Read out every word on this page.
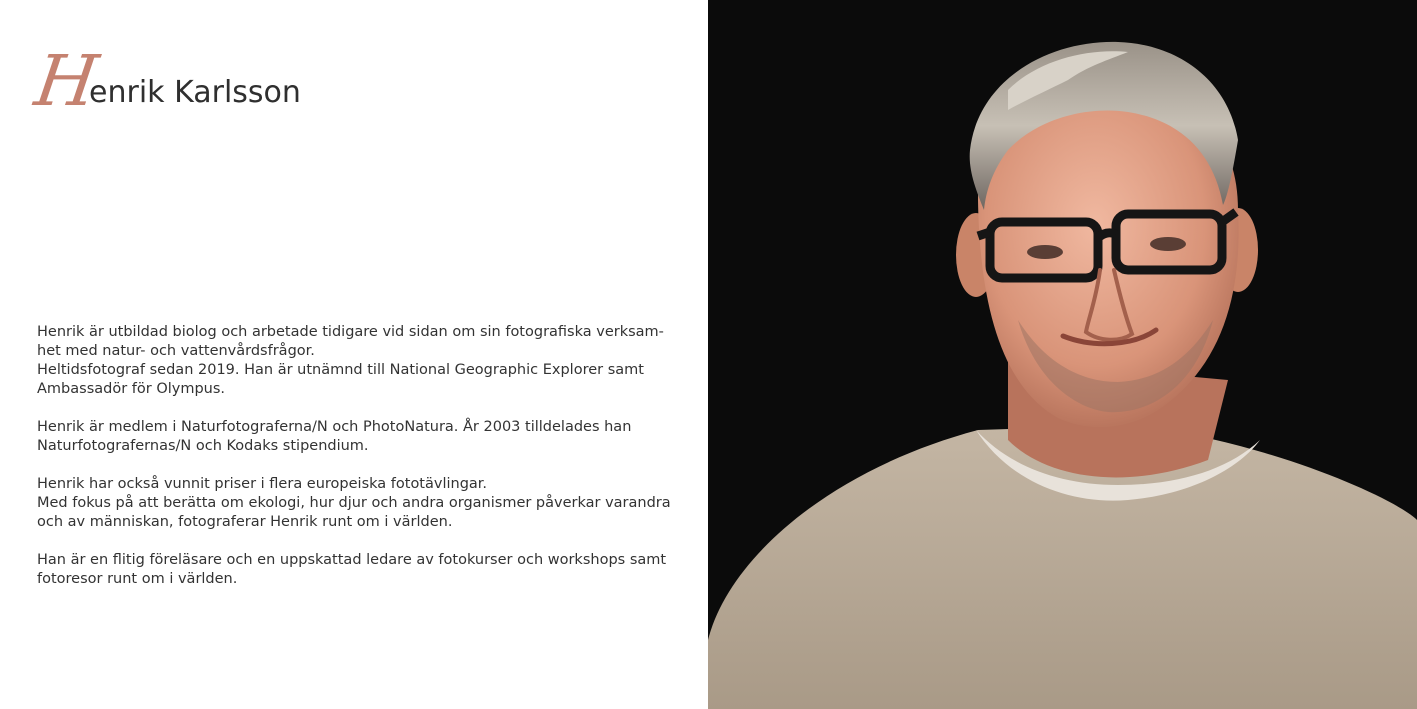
H
enrik Karlsson

Henrik är utbildad biolog och arbetade tidigare vid sidan om sin fotografiska verksam-
het med natur- och vattenvårdsfrågor.
Heltidsfotograf sedan 2019. Han är utnämnd till National Geographic Explorer samt
Ambassadör för Olympus.

Henrik är medlem i Naturfotograferna/N och PhotoNatura. År 2003 tilldelades han
Naturfotografernas/N och Kodaks stipendium.

Henrik har också vunnit priser i flera europeiska fototävlingar.
Med fokus på att berätta om ekologi, hur djur och andra organismer påverkar varandra
och av människan, fotograferar Henrik runt om i världen.

Han är en flitig föreläsare och en uppskattad ledare av fotokurser och workshops samt
fotoresor runt om i världen.
